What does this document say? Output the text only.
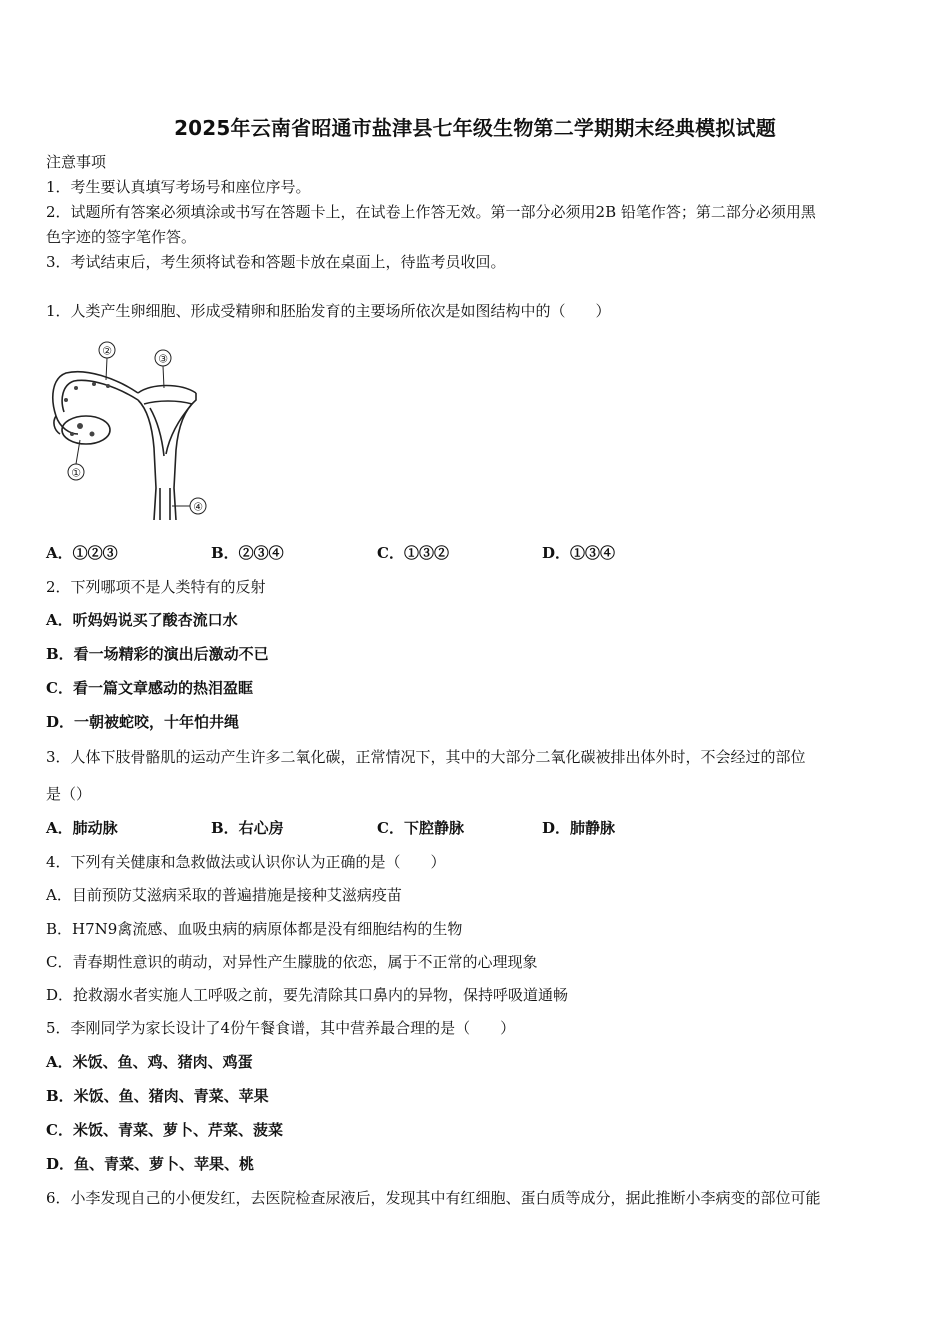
2025年云南省昭通市盐津县七年级生物第二学期期末经典模拟试题
注意事项
1．考生要认真填写考场号和座位序号。
2．试题所有答案必须填涂或书写在答题卡上，在试卷上作答无效。第一部分必须用2B 铅笔作答；第二部分必须用黑
色字迹的签字笔作答。
3．考试结束后，考生须将试卷和答题卡放在桌面上，待监考员收回。
1．人类产生卵细胞、形成受精卵和胚胎发育的主要场所依次是如图结构中的（　　）
②
③
①
④
A．①②③	B．②③④	C．①③②	D．①③④
2．下列哪项不是人类特有的反射
A．听妈妈说买了酸杏流口水
B．看一场精彩的演出后激动不已
C．看一篇文章感动的热泪盈眶
D．一朝被蛇咬，十年怕井绳
3．人体下肢骨骼肌的运动产生许多二氧化碳，正常情况下，其中的大部分二氧化碳被排出体外时，不会经过的部位
是（）
A．肺动脉	B．右心房	C．下腔静脉	D．肺静脉
4．下列有关健康和急救做法或认识你认为正确的是（　　）
A．目前预防艾滋病采取的普遍措施是接种艾滋病疫苗
B．H7N9禽流感、血吸虫病的病原体都是没有细胞结构的生物
C．青春期性意识的萌动，对异性产生朦胧的依恋，属于不正常的心理现象
D．抢救溺水者实施人工呼吸之前，要先清除其口鼻内的异物，保持呼吸道通畅
5．李刚同学为家长设计了4份午餐食谱，其中营养最合理的是（　　）
A．米饭、鱼、鸡、猪肉、鸡蛋
B．米饭、鱼、猪肉、青菜、苹果
C．米饭、青菜、萝卜、芹菜、菠菜
D．鱼、青菜、萝卜、苹果、桃
6．小李发现自己的小便发红，去医院检查尿液后，发现其中有红细胞、蛋白质等成分，据此推断小李病变的部位可能
